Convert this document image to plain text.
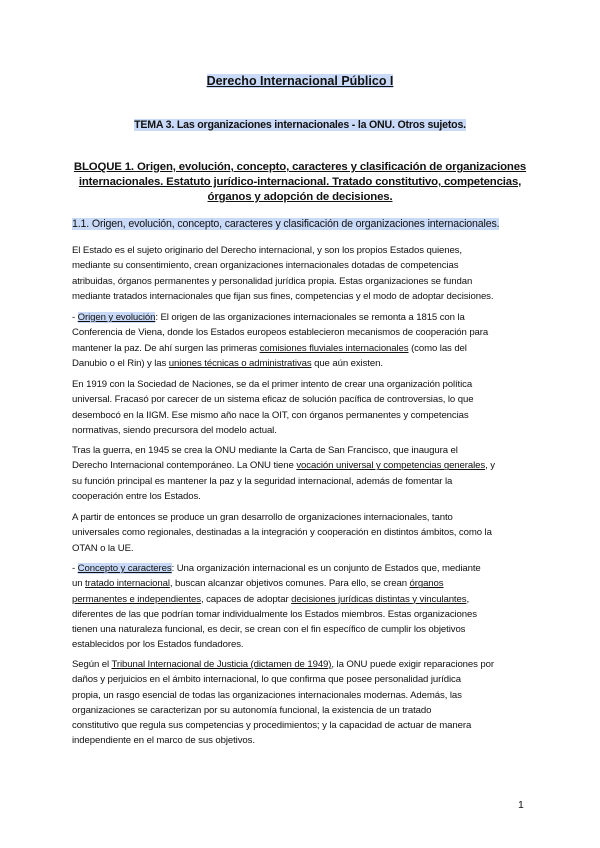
Derecho Internacional Público I
TEMA 3. Las organizaciones internacionales - la ONU. Otros sujetos.
BLOQUE 1. Origen, evolución, concepto, caracteres y clasificación de organizaciones
internacionales. Estatuto jurídico-internacional. Tratado constitutivo, competencias,
órganos y adopción de decisiones.
1.1. Origen, evolución, concepto, caracteres y clasificación de organizaciones internacionales.
El Estado es el sujeto originario del Derecho internacional, y son los propios Estados quienes,
mediante su consentimiento, crean organizaciones internacionales dotadas de competencias
atribuidas, órganos permanentes y personalidad jurídica propia. Estas organizaciones se fundan
mediante tratados internacionales que fijan sus fines, competencias y el modo de adoptar decisiones.
- Origen y evolución: El origen de las organizaciones internacionales se remonta a 1815 con la
Conferencia de Viena, donde los Estados europeos establecieron mecanismos de cooperación para
mantener la paz. De ahí surgen las primeras comisiones fluviales internacionales (como las del
Danubio o el Rin) y las uniones técnicas o administrativas que aún existen.
En 1919 con la Sociedad de Naciones, se da el primer intento de crear una organización política
universal. Fracasó por carecer de un sistema eficaz de solución pacífica de controversias, lo que
desembocó en la IIGM. Ese mismo año nace la OIT, con órganos permanentes y competencias
normativas, siendo precursora del modelo actual.
Tras la guerra, en 1945 se crea la ONU mediante la Carta de San Francisco, que inaugura el
Derecho Internacional contemporáneo. La ONU tiene vocación universal y competencias generales, y
su función principal es mantener la paz y la seguridad internacional, además de fomentar la
cooperación entre los Estados.
A partir de entonces se produce un gran desarrollo de organizaciones internacionales, tanto
universales como regionales, destinadas a la integración y cooperación en distintos ámbitos, como la
OTAN o la UE.
- Concepto y caracteres: Una organización internacional es un conjunto de Estados que, mediante
un tratado internacional, buscan alcanzar objetivos comunes. Para ello, se crean órganos
permanentes e independientes, capaces de adoptar decisiones jurídicas distintas y vinculantes,
diferentes de las que podrían tomar individualmente los Estados miembros. Estas organizaciones
tienen una naturaleza funcional, es decir, se crean con el fin específico de cumplir los objetivos
establecidos por los Estados fundadores.
Según el Tribunal Internacional de Justicia (dictamen de 1949), la ONU puede exigir reparaciones por
daños y perjuicios en el ámbito internacional, lo que confirma que posee personalidad jurídica
propia, un rasgo esencial de todas las organizaciones internacionales modernas. Además, las
organizaciones se caracterizan por su autonomía funcional, la existencia de un tratado
constitutivo que regula sus competencias y procedimientos; y la capacidad de actuar de manera
independiente en el marco de sus objetivos.
1
